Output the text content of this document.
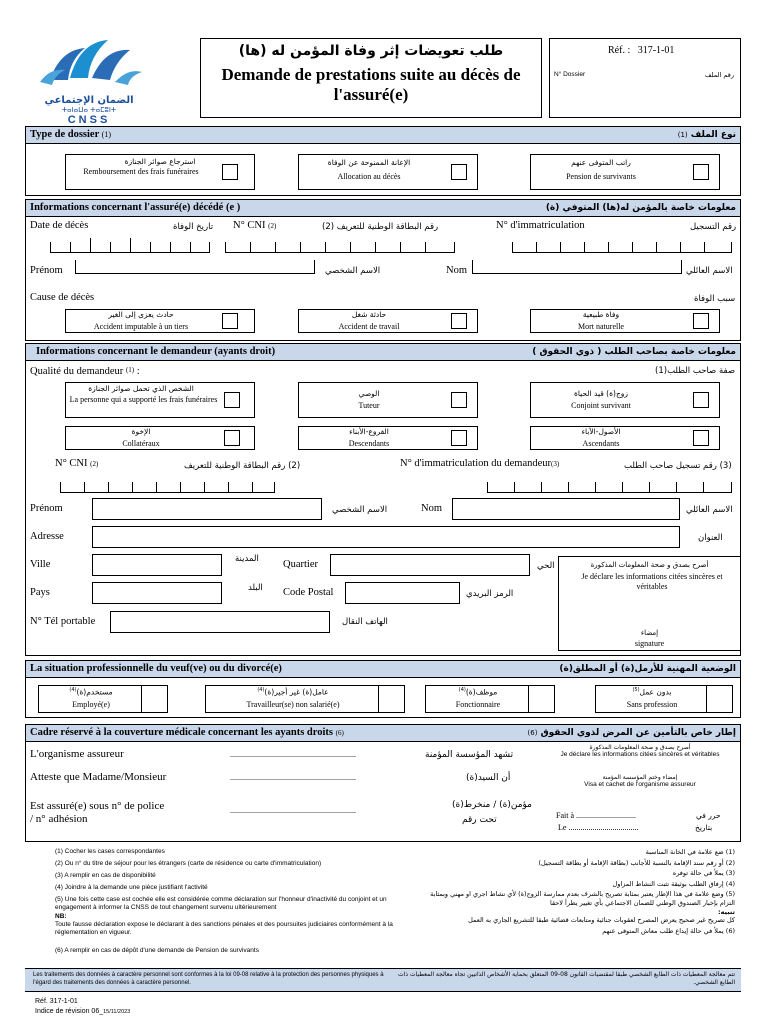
الضمان الإجتماعي
ⵜⴰⵏⴰⵡⴰ ⵜⴰⵎⵓⵏⵜ
CNSS
طلب تعويضات إثر وفاة المؤمن له (ها)
Demande de prestations suite au décès de l'assuré(e)
Réf. : 317-1-01
N° Dossier	رقم الملف
Type de dossier (1)	نوع الملف (1)
استرجاع صوائر الجنازة
Remboursement des frais funéraires
الإعانة الممنوحة عن الوفاة
Allocation au décès
راتب المتوفى عنهم
Pension de survivants
Informations concernant l'assuré(e) décédé (e )	معلومات خاصة بالمؤمن له(ها) المتوفي (ة)
Date de décès	تاريخ الوفاة N° CNI (2)	رقم البطاقة الوطنية للتعريف (2)	N° d'immatriculation	رقم التسجيل
Prénom	الاسم الشخصي	Nom	الاسم العائلي
Cause de décès	سبب الوفاة
حادث يعزى إلى الغير
Accident imputable à un tiers
حادثة شغل
Accident de travail
وفاة طبيعية
Mort naturelle
Informations concernant le demandeur (ayants droit)	معلومات خاصة بصاحب الطلب ( ذوي الحقوق )
Qualité du demandeur $^{(1)}$ :	صفة صاحب الطلب(1)
الشخص الذي تحمل صوائر الجنازة
La personne qui a supporté les frais funéraires
الوصي
Tuteur
زوج(ة) قيد الحياة
Conjoint survivant
الإخوة
Collatéraux
الفروع-الأبناء
Descendants
الأصول-الآباء
Ascendants
N° CNI (2)	(2) رقم البطاقة الوطنية للتعريف	N° d'immatriculation du demandeur(3)	(3) رقم تسجيل صاحب الطلب
Prénom	الاسم الشخصي	Nom	الاسم العائلي
Adresse	العنوان
Ville	المدينة Quartier	الحي
Pays	البلد Code Postal	الرمز البريدي
N° Tél portable	الهاتف النقال
أصرح بصدق و صحة المعلومات المذكورة
Je déclare les informations citées sincères et véritables
إمضاء
signature
La situation professionnelle du veuf(ve) ou du divorcé(e)	الوضعية المهنية للأرمل(ة) أو المطلق(ة)
مستخدم(ة)$^{(4)}$
Employé(e)
عامل(ة) غير أجير(ة)$^{(4)}$
Travailleur(se) non salarié(e)
موظف(ة)$^{(4)}$
Fonctionnaire
بدون عمل$^{(5)}$
Sans profession
Cadre réservé à la couverture médicale concernant les ayants droits (6)	إطار خاص بالتأمين عن المرض لذوي الحقوق (6)
L'organisme assureur	...............................................................	تشهد المؤسسة المؤمنة
Atteste que Madame/Monsieur	...............................................................	أن السيد(ة)
Est assuré(e) sous n° de police
/ n° adhésion
...............................................................
مؤمن(ة) / منخرط(ة)
تحت رقم
أصرح بصدق و صحة المعلومات المذكورة
Je déclare les informations citées sincères et véritables
إمضاء وختم المؤسسة المؤمنة
Visa et cachet de l'organisme assureur
Fait à ..............................	حرر في
Le ...................................	بتاريخ
(1) Cocher les cases correspondantes
(2) Ou n° du titre de séjour pour les étrangers (carte de résidence ou carte d'immatriculation)
(3) A remplir en cas de disponibilité
(4) Joindre à la demande une pièce justifiant l'activité
(5) Une fois cette case est cochée elle est considérée comme déclaration sur l'honneur d'inactivité du conjoint et un engagement à informer la CNSS de tout changement survenu ultérieurement
NB:
Toute fausse déclaration expose le déclarant à des sanctions pénales et des poursuites judiciaires conformément à la réglementation en vigueur.
(6) A remplir en cas de dépôt d'une demande de Pension de survivants
(1) ضع علامة في الخانة المناسبة
(2) أو رقم سند الإقامة بالنسبة للأجانب (بطاقة الإقامة أو بطاقة التسجيل)
(3) يملأ في حالة توفره
(4) إرفاق الطلب بوثيقة تثبت النشاط المزاول
(5) وضع علامة في هذا الإطار يعتبر بمثابة تصريح بالشرف بعدم ممارسة الزوج(ة) لأي نشاط اجري او مهني وبمثابة التزام بإخبار الصندوق الوطني للضمان الاجتماعي بأي تغيير يطرأ لاحقا
تنبيه:
كل تصريح غير صحيح يعرض المصرح لعقوبات جنائية ومتابعات قضائية طبقا للتشريع الجاري به العمل
(6) يملأ في حالة إيداع طلب معاش المتوفى عنهم
Les traitements des données à caractère personnel sont conformes à la loi 09-08 relative à la protection des personnes physiques à l'égard des traitements des données à caractère personnel.
تتم معالجة المعطيات ذات الطابع الشخصي طبقا لمقتضيات القانون 08-09 المتعلق بحماية الأشخاص الذاتيين تجاه معالجة المعطيات ذات الطابع الشخصي.
Réf. 317-1-01
Indice de révision 06_15/11/2023
